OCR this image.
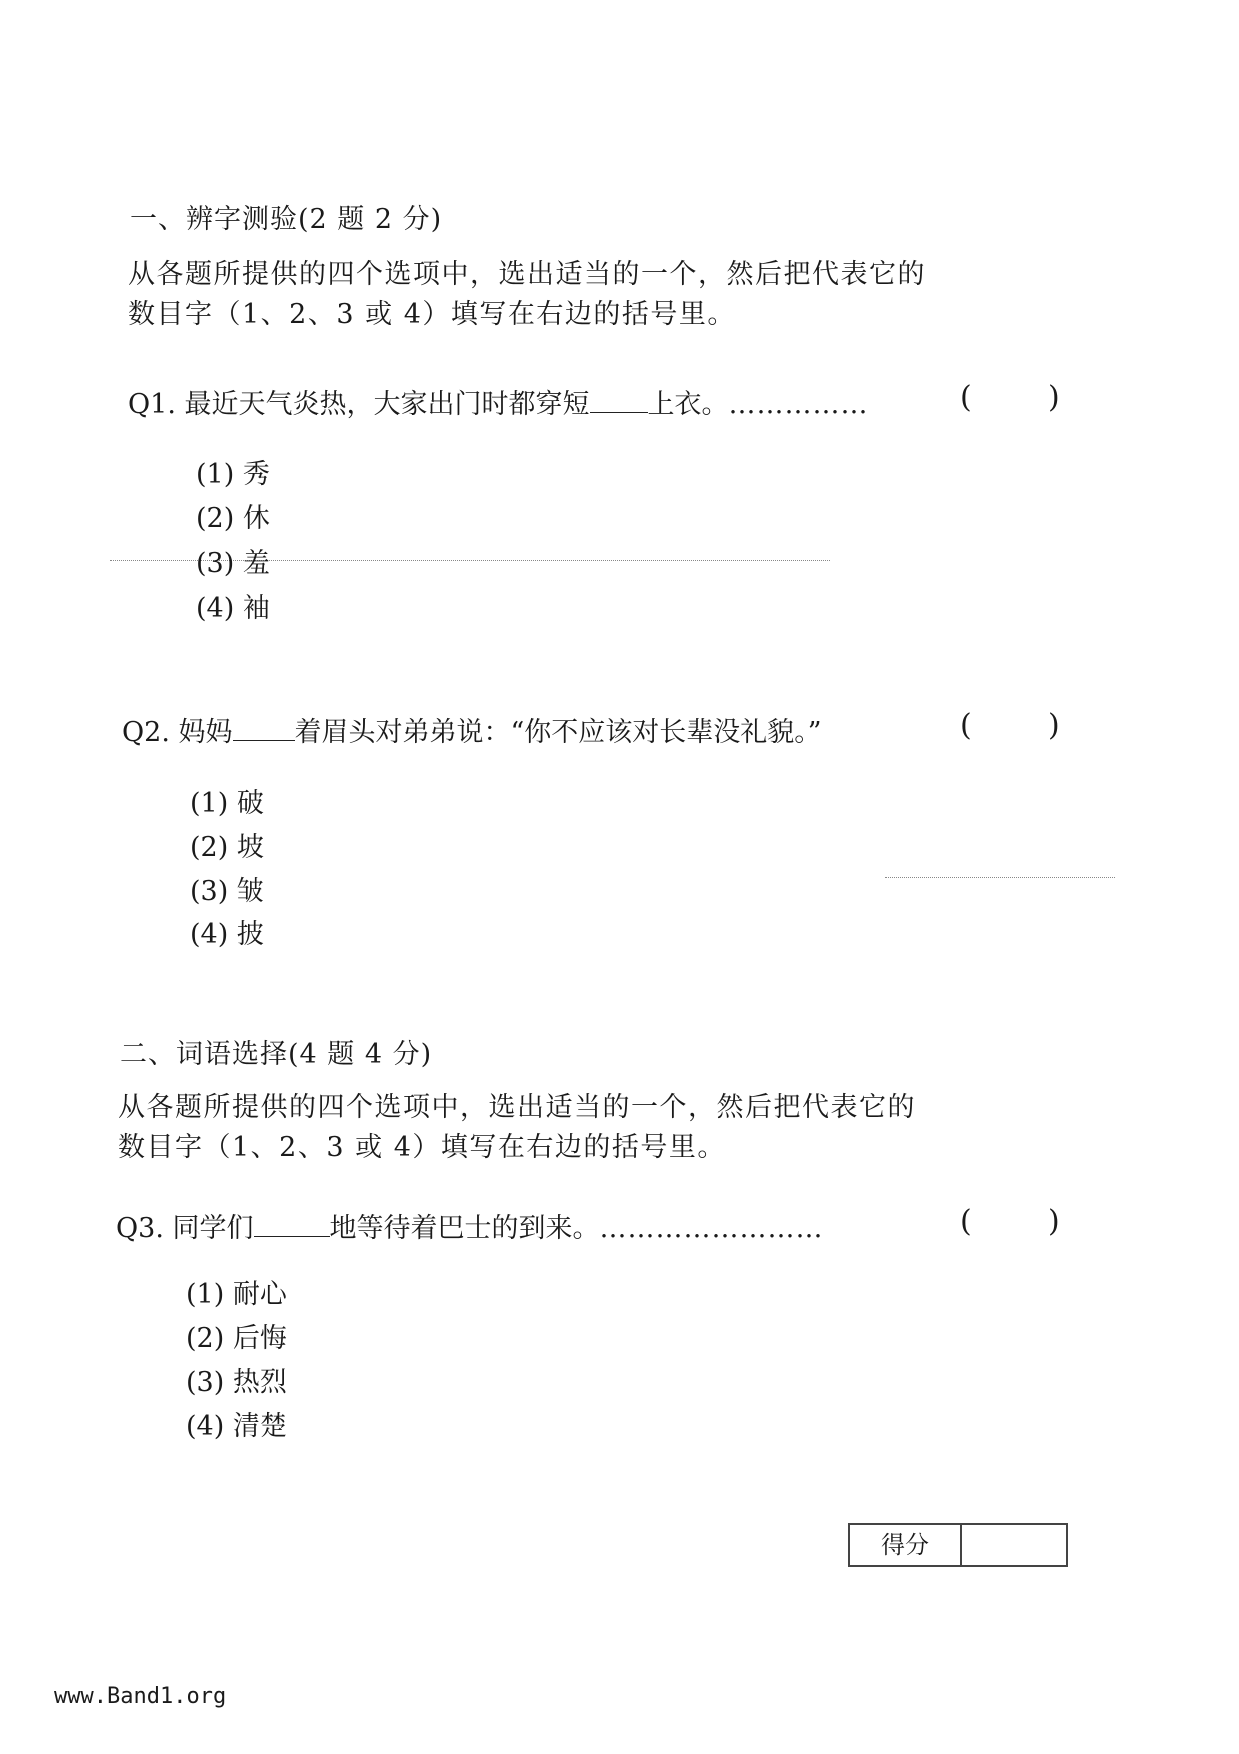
一、辨字测验(2 题 2 分)
从各题所提供的四个选项中，选出适当的一个，然后把代表它的
数目字（1、2、3 或 4）填写在右边的括号里。
Q1. 最近天气炎热，大家出门时都穿短 上衣。……………	(	)
(1) 秀
(2) 休
(3) 羞
(4) 袖
Q2. 妈妈 着眉头对弟弟说：“你不应该对长辈没礼貌。”	(	)
(1) 破
(2) 坡
(3) 皱
(4) 披
二、词语选择(4 题 4 分)
从各题所提供的四个选项中，选出适当的一个，然后把代表它的
数目字（1、2、3 或 4）填写在右边的括号里。
Q3. 同学们	地等待着巴士的到来。……………………	(	)
(1) 耐心
(2) 后悔
(3) 热烈
(4) 清楚
得分
www.Band1.org
